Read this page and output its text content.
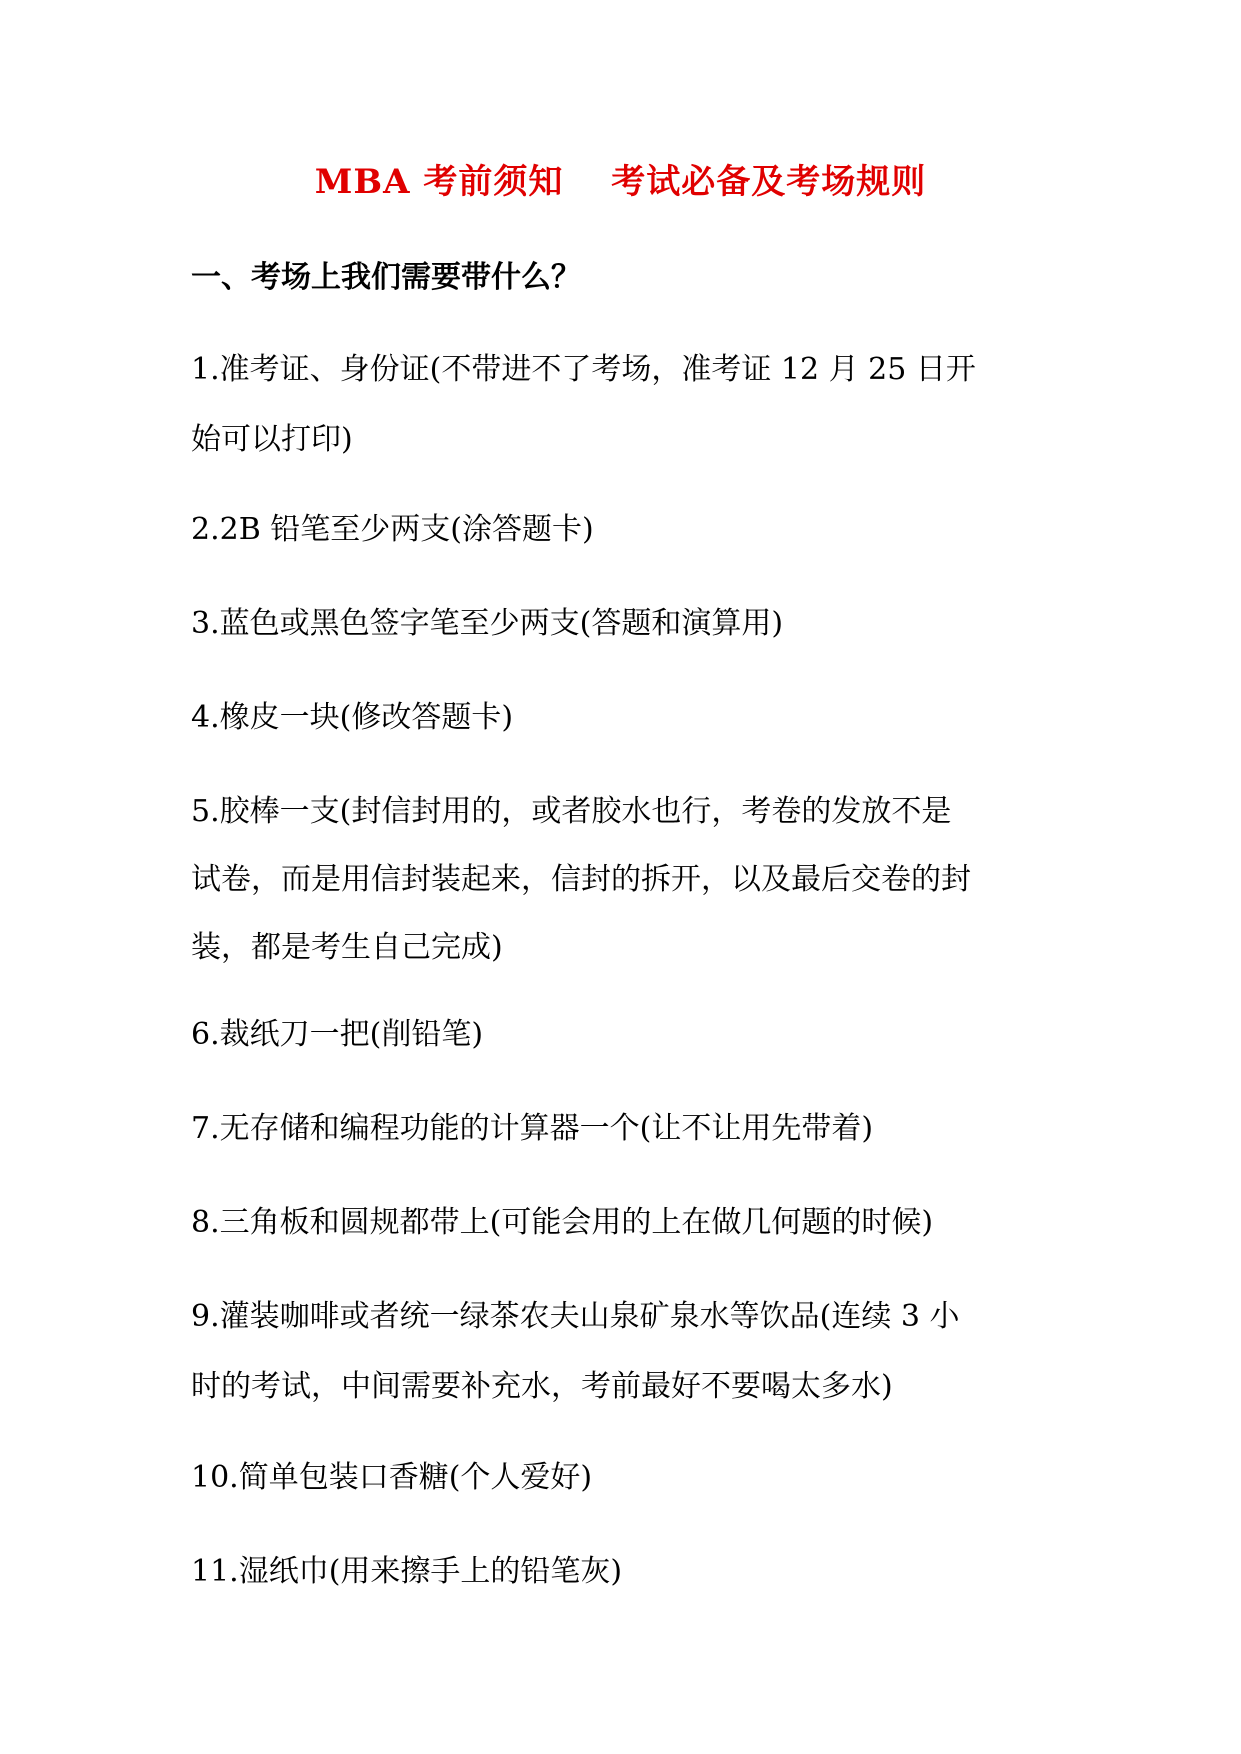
MBA 考前须知　 考试必备及考场规则
一、考场上我们需要带什么？

1.准考证、身份证(不带进不了考场，准考证 12 月 25 日开
始可以打印)

2.2B 铅笔至少两支(涂答题卡)

3.蓝色或黑色签字笔至少两支(答题和演算用)

4.橡皮一块(修改答题卡)

5.胶棒一支(封信封用的，或者胶水也行，考卷的发放不是
试卷，而是用信封装起来，信封的拆开，以及最后交卷的封
装，都是考生自己完成)

6.裁纸刀一把(削铅笔)

7.无存储和编程功能的计算器一个(让不让用先带着)

8.三角板和圆规都带上(可能会用的上在做几何题的时候)

9.灌装咖啡或者统一绿茶农夫山泉矿泉水等饮品(连续 3 小
时的考试，中间需要补充水，考前最好不要喝太多水)

10.简单包装口香糖(个人爱好)

11.湿纸巾(用来擦手上的铅笔灰)
